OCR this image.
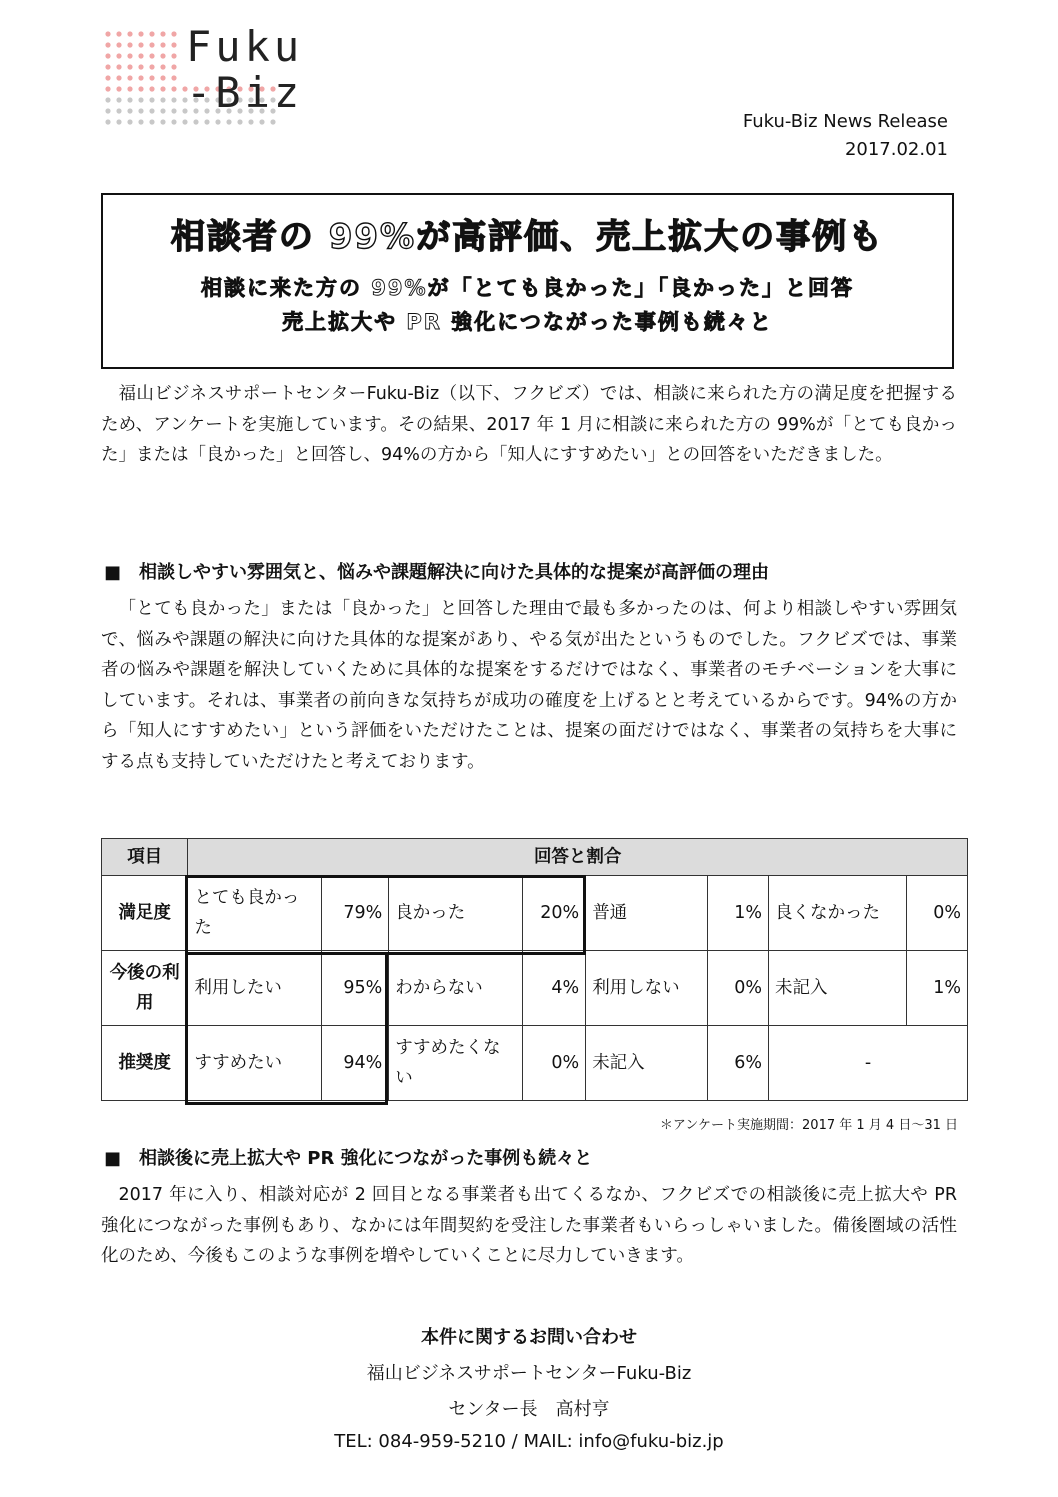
Fuku
-Biz
Fuku-Biz News Release
2017.02.01
相談者の 99%が高評価、売上拡大の事例も
相談に来た方の 99%が「とても良かった」「良かった」と回答
売上拡大や PR 強化につながった事例も続々と
福山ビジネスサポートセンターFuku-Biz（以下、フクビズ）では、相談に来られた方の満足度を把握するため、アンケートを実施しています。その結果、2017 年 1 月に相談に来られた方の 99%が「とても良かった」または「良かった」と回答し、94%の方から「知人にすすめたい」との回答をいただきました。
■　相談しやすい雰囲気と、悩みや課題解決に向けた具体的な提案が高評価の理由
「とても良かった」または「良かった」と回答した理由で最も多かったのは、何より相談しやすい雰囲気で、悩みや課題の解決に向けた具体的な提案があり、やる気が出たというものでした。フクビズでは、事業者の悩みや課題を解決していくために具体的な提案をするだけではなく、事業者のモチベーションを大事にしています。それは、事業者の前向きな気持ちが成功の確度を上げるとと考えているからです。94%の方から「知人にすすめたい」という評価をいただけたことは、提案の面だけではなく、事業者の気持ちを大事にする点も支持していただけたと考えております。
項目	回答と割合							
満足度	とても良かった	79%	良かった	20%	普通	1%	良くなかった	0%
今後の利用	利用したい	95%	わからない	4%	利用しない	0%	未記入	1%
推奨度	すすめたい	94%	すすめたくない	0%	未記入	6%	-	
＊アンケート実施期間：2017 年 1 月 4 日〜31 日
■　相談後に売上拡大や PR 強化につながった事例も続々と
2017 年に入り、相談対応が 2 回目となる事業者も出てくるなか、フクビズでの相談後に売上拡大や PR 強化につながった事例もあり、なかには年間契約を受注した事業者もいらっしゃいました。備後圏域の活性化のため、今後もこのような事例を増やしていくことに尽力していきます。
本件に関するお問い合わせ
福山ビジネスサポートセンターFuku-Biz
センター長　高村亨
TEL: 084-959-5210 / MAIL: info@fuku-biz.jp
